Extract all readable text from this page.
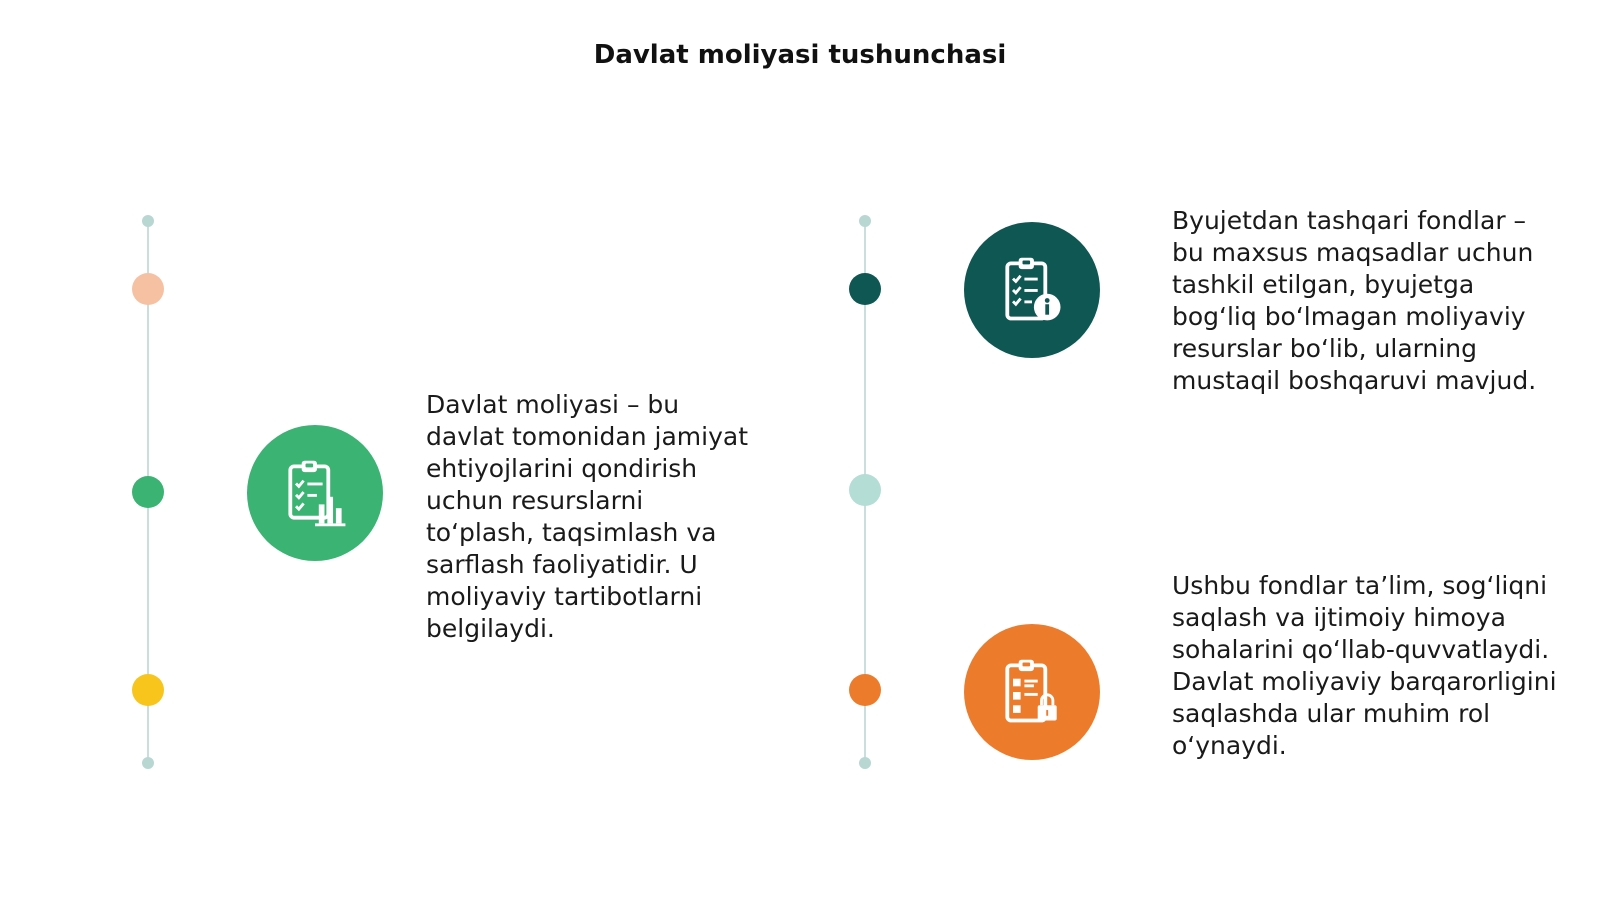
Davlat moliyasi tushunchasi
Davlat moliyasi – bu davlat tomonidan jamiyat ehtiyojlarini qondirish uchun resurslarni to‘plash, taqsimlash va sarflash faoliyatidir. U moliyaviy tartibotlarni belgilaydi.
Byujetdan tashqari fondlar – bu maxsus maqsadlar uchun tashkil etilgan, byujetga bog‘liq bo‘lmagan moliyaviy resurslar bo‘lib, ularning mustaqil boshqaruvi mavjud.
Ushbu fondlar ta’lim, sog‘liqni saqlash va ijtimoiy himoya sohalarini qo‘llab-quvvatlaydi. Davlat moliyaviy barqarorligini saqlashda ular muhim rol o‘ynaydi.
